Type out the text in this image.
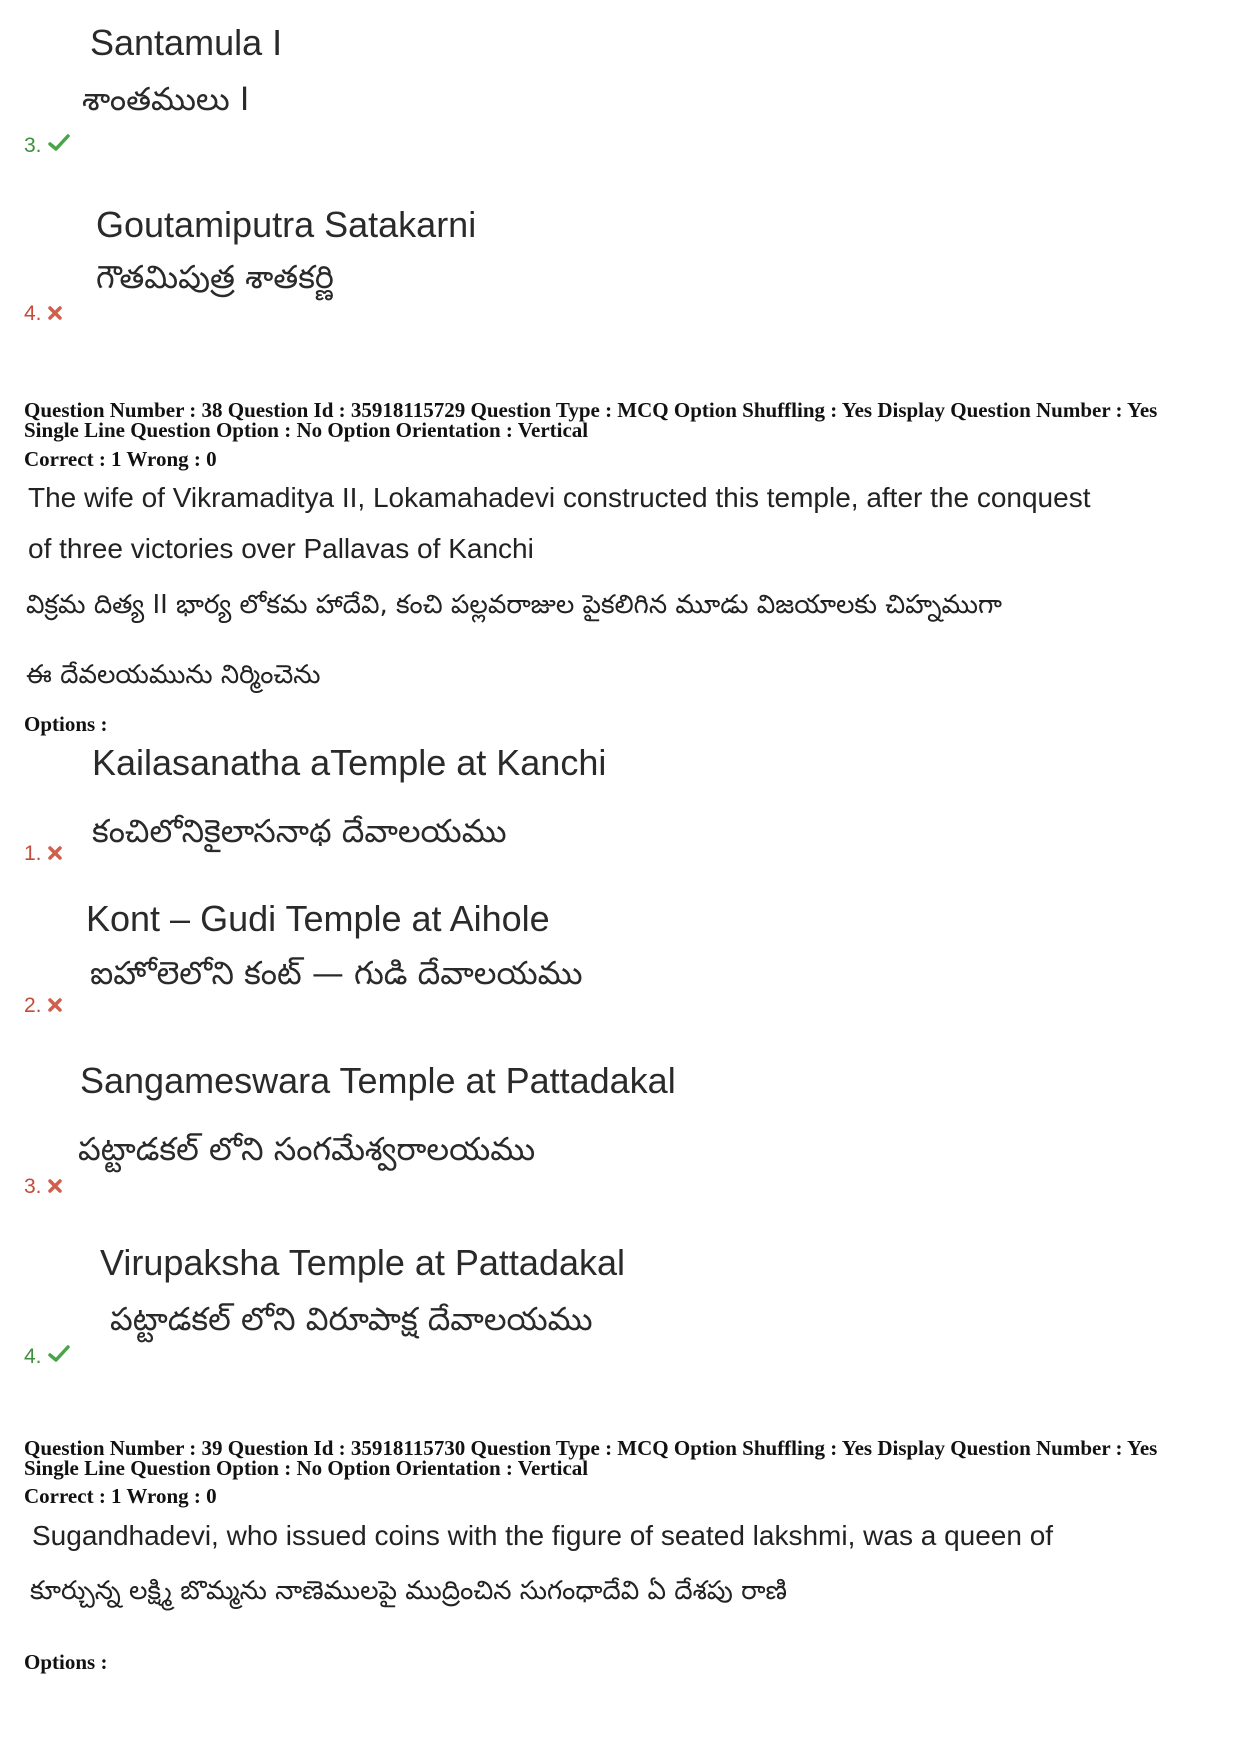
Santamula I
శాంతములు I
3.
Goutamiputra Satakarni
గౌతమిపుత్ర శాతకర్ణి
4.
Question Number : 38 Question Id : 35918115729 Question Type : MCQ Option Shuffling : Yes Display Question Number : Yes
Single Line Question Option : No Option Orientation : Vertical
Correct : 1 Wrong : 0
The wife of Vikramaditya II, Lokamahadevi constructed this temple, after the conquest
of three victories over Pallavas of Kanchi
విక్రమ దిత్య II భార్య లోకమ హాదేవి, కంచి పల్లవరాజుల పైకలిగిన మూడు విజయాలకు చిహ్నముగా
ఈ దేవలయమును నిర్మించెను
Options :
Kailasanatha aTemple at Kanchi
కంచిలోనికైలాసనాథ దేవాలయము
1.
Kont – Gudi Temple at Aihole
ఐహోలెలోని కంట్ — గుడి దేవాలయము
2.
Sangameswara Temple at Pattadakal
పట్టాడకల్ లోని సంగమేశ్వరాలయము
3.
Virupaksha Temple at Pattadakal
పట్టాడకల్ లోని విరూపాక్ష దేవాలయము
4.
Question Number : 39 Question Id : 35918115730 Question Type : MCQ Option Shuffling : Yes Display Question Number : Yes
Single Line Question Option : No Option Orientation : Vertical
Correct : 1 Wrong : 0
Sugandhadevi, who issued coins with the figure of seated lakshmi, was a queen of
కూర్చున్న లక్ష్మి బొమ్మను నాణెములపై ముద్రించిన సుగంధాదేవి ఏ దేశపు రాణి
Options :
